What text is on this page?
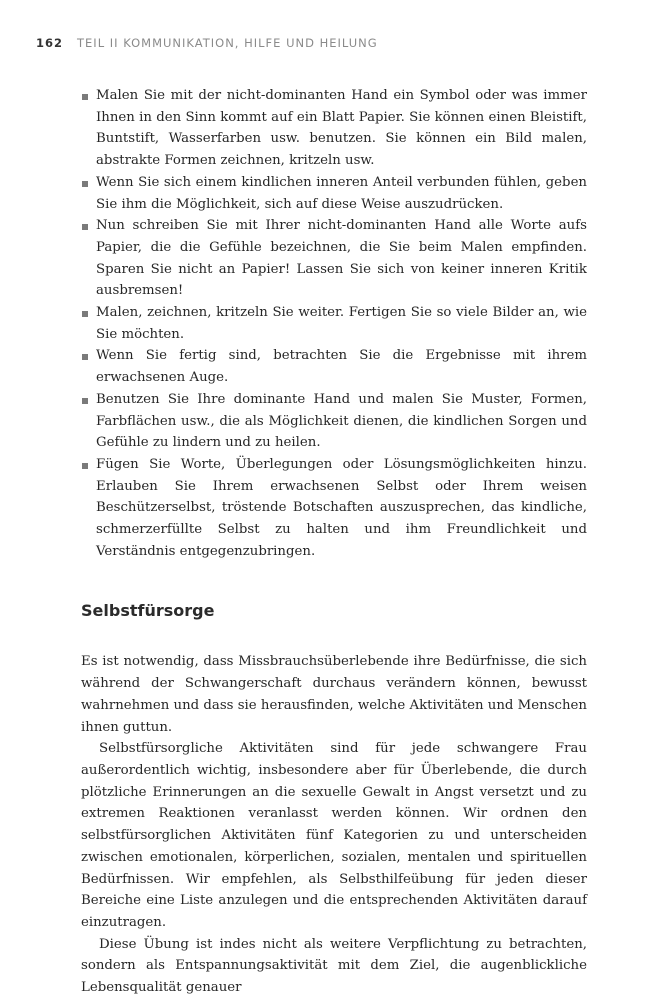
162 TEIL II KOMMUNIKATION, HILFE UND HEILUNG
Malen Sie mit der nicht-dominanten Hand ein Symbol oder was immer Ihnen in den Sinn kommt auf ein Blatt Papier. Sie können einen Bleistift, Buntstift, Wasserfarben usw. benutzen. Sie können ein Bild malen, abstrakte Formen zeichnen, kritzeln usw.
Wenn Sie sich einem kindlichen inneren Anteil verbunden fühlen, geben Sie ihm die Möglichkeit, sich auf diese Weise auszudrücken.
Nun schreiben Sie mit Ihrer nicht-dominanten Hand alle Worte aufs Papier, die die Gefühle bezeichnen, die Sie beim Malen empfinden. Sparen Sie nicht an Papier! Lassen Sie sich von keiner inneren Kritik ausbremsen!
Malen, zeichnen, kritzeln Sie weiter. Fertigen Sie so viele Bilder an, wie Sie möchten.
Wenn Sie fertig sind, betrachten Sie die Ergebnisse mit ihrem erwachsenen Auge.
Benutzen Sie Ihre dominante Hand und malen Sie Muster, Formen, Farbflächen usw., die als Möglichkeit dienen, die kindlichen Sorgen und Gefühle zu lindern und zu heilen.
Fügen Sie Worte, Überlegungen oder Lösungsmöglichkeiten hinzu. Erlauben Sie Ihrem erwachsenen Selbst oder Ihrem weisen Beschützerselbst, tröstende Botschaften auszusprechen, das kindliche, schmerzerfüllte Selbst zu halten und ihm Freundlichkeit und Verständnis entgegenzubringen.
Selbstfürsorge

Es ist notwendig, dass Missbrauchsüberlebende ihre Bedürfnisse, die sich während der Schwangerschaft durchaus verändern können, bewusst wahrnehmen und dass sie herausfinden, welche Aktivitäten und Menschen ihnen guttun.

Selbstfürsorgliche Aktivitäten sind für jede schwangere Frau außerordentlich wichtig, insbesondere aber für Überlebende, die durch plötzliche Erinnerungen an die sexuelle Gewalt in Angst versetzt und zu extremen Reaktionen veranlasst werden können. Wir ordnen den selbstfürsorglichen Aktivitäten fünf Kategorien zu und unterscheiden zwischen emotionalen, körperlichen, sozialen, mentalen und spirituellen Bedürfnissen. Wir empfehlen, als Selbsthilfeübung für jeden dieser Bereiche eine Liste anzulegen und die entsprechenden Aktivitäten darauf einzutragen.

Diese Übung ist indes nicht als weitere Verpflichtung zu betrachten, sondern als Entspannungsaktivität mit dem Ziel, die augenblickliche Lebensqualität genauer
